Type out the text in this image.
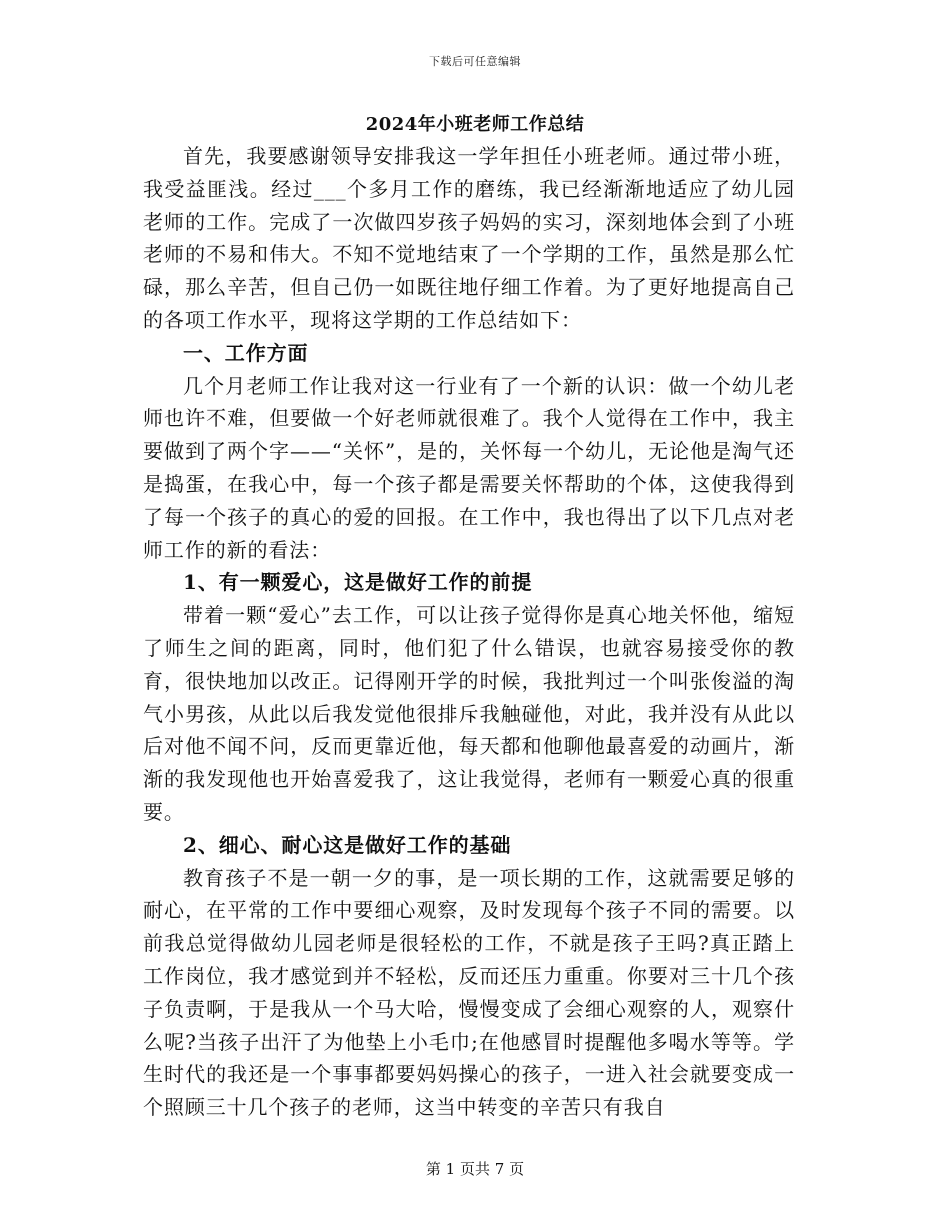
下载后可任意编辑
2024年小班老师工作总结

首先，我要感谢领导安排我这一学年担任小班老师。通过带小班，我受益匪浅。经过___个多月工作的磨练，我已经渐渐地适应了幼儿园老师的工作。完成了一次做四岁孩子妈妈的实习，深刻地体会到了小班老师的不易和伟大。不知不觉地结束了一个学期的工作，虽然是那么忙碌，那么辛苦，但自己仍一如既往地仔细工作着。为了更好地提高自己的各项工作水平，现将这学期的工作总结如下：

一、工作方面

几个月老师工作让我对这一行业有了一个新的认识：做一个幼儿老师也许不难，但要做一个好老师就很难了。我个人觉得在工作中，我主要做到了两个字——“关怀”，是的，关怀每一个幼儿，无论他是淘气还是捣蛋，在我心中，每一个孩子都是需要关怀帮助的个体，这使我得到了每一个孩子的真心的爱的回报。在工作中，我也得出了以下几点对老师工作的新的看法：

1、有一颗爱心，这是做好工作的前提

带着一颗“爱心”去工作，可以让孩子觉得你是真心地关怀他，缩短了师生之间的距离，同时，他们犯了什么错误，也就容易接受你的教育，很快地加以改正。记得刚开学的时候，我批判过一个叫张俊溢的淘气小男孩，从此以后我发觉他很排斥我触碰他，对此，我并没有从此以后对他不闻不问，反而更靠近他，每天都和他聊他最喜爱的动画片，渐渐的我发现他也开始喜爱我了，这让我觉得，老师有一颗爱心真的很重要。

2、细心、耐心这是做好工作的基础

教育孩子不是一朝一夕的事，是一项长期的工作，这就需要足够的耐心，在平常的工作中要细心观察，及时发现每个孩子不同的需要。以前我总觉得做幼儿园老师是很轻松的工作，不就是孩子王吗?真正踏上工作岗位，我才感觉到并不轻松，反而还压力重重。你要对三十几个孩子负责啊，于是我从一个马大哈，慢慢变成了会细心观察的人，观察什么呢?当孩子出汗了为他垫上小毛巾;在他感冒时提醒他多喝水等等。学生时代的我还是一个事事都要妈妈操心的孩子，一进入社会就要变成一个照顾三十几个孩子的老师，这当中转变的辛苦只有我自

第 1 页共 7 页
